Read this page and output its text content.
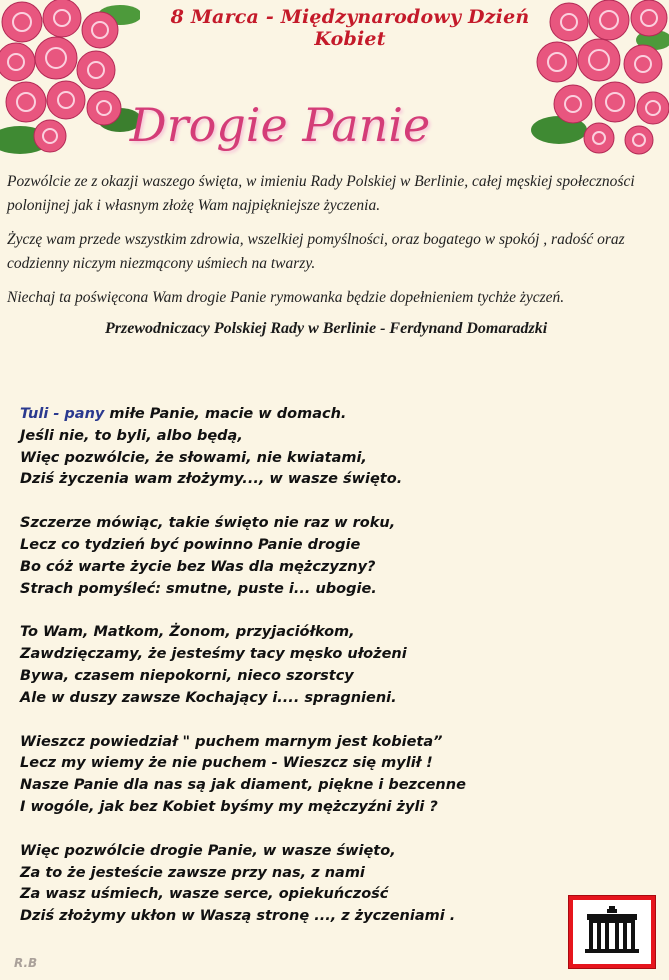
8 Marca - Międzynarodowy Dzień Kobiet
Drogie Panie

Pozwólcie ze z okazji waszego święta, w imieniu Rady Polskiej w Berlinie, całej męskiej społeczności polonijnej jak i własnym złożę Wam najpiękniejsze życzenia.

Życzę wam przede wszystkim zdrowia, wszelkiej pomyślności, oraz bogatego w spokój , radość oraz codzienny niczym niezmącony uśmiech na twarzy.

Niechaj ta poświęcona Wam drogie Panie rymowanka będzie dopełnieniem tychże życzeń.

Przewodniczacy Polskiej Rady w Berlinie - Ferdynand Domaradzki
Tuli - pany miłe Panie, macie w domach.
Jeśli nie, to byli, albo będą,
Więc pozwólcie, że słowami, nie kwiatami,
Dziś życzenia wam złożymy..., w wasze święto.
Szczerze mówiąc, takie święto nie raz w roku,
Lecz co tydzień być powinno Panie drogie
Bo cóż warte życie bez Was dla mężczyzny?
Strach pomyśleć: smutne, puste i... ubogie.
To Wam, Matkom, Żonom, przyjaciółkom,
Zawdzięczamy, że jesteśmy tacy męsko ułożeni
Bywa, czasem niepokorni, nieco szorstcy
Ale w duszy zawsze Kochający i.... spragnieni.
Wieszcz powiedział " puchem marnym jest kobieta”
Lecz my wiemy że nie puchem - Wieszcz się mylił !
Nasze Panie dla nas są jak diament, piękne i bezcenne
I wogóle, jak bez Kobiet byśmy my mężczyźni żyli ?
Więc pozwólcie drogie Panie, w wasze święto,
Za to że jesteście zawsze przy nas, z nami
Za wasz uśmiech, wasze serce, opiekuńczość
Dziś złożymy ukłon w Waszą stronę ..., z życzeniami .
R.B
